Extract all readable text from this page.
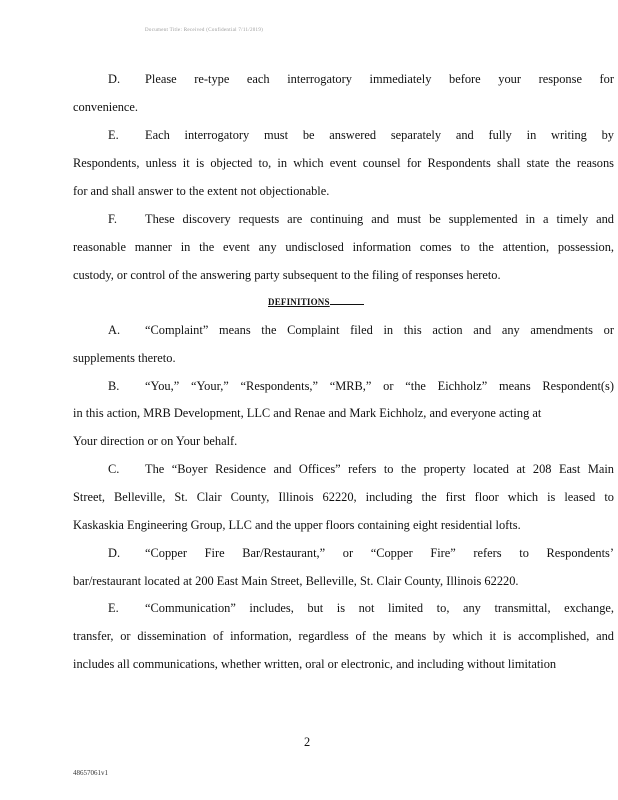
Document Title: Received (Confidential 7/11/2019)
D. Please re-type each interrogatory immediately before your response for
convenience.
E. Each interrogatory must be answered separately and fully in writing by
Respondents, unless it is objected to, in which event counsel for Respondents shall state the reasons
for and shall answer to the extent not objectionable.
F. These discovery requests are continuing and must be supplemented in a timely and
reasonable manner in the event any undisclosed information comes to the attention, possession,
custody, or control of the answering party subsequent to the filing of responses hereto.
DEFINITIONS
A. “Complaint” means the Complaint filed in this action and any amendments or
supplements thereto.
B. “You,” “Your,” “Respondents,” “MRB,” or “the Eichholz” means Respondent(s)
in this action, MRB Development, LLC and Renae and Mark Eichholz, and everyone acting at
Your direction or on Your behalf.
C. The “Boyer Residence and Offices” refers to the property located at 208 East Main
Street, Belleville, St. Clair County, Illinois 62220, including the first floor which is leased to
Kaskaskia Engineering Group, LLC and the upper floors containing eight residential lofts.
D. “Copper Fire Bar/Restaurant,” or “Copper Fire” refers to Respondents’
bar/restaurant located at 200 East Main Street, Belleville, St. Clair County, Illinois 62220.
E. “Communication” includes, but is not limited to, any transmittal, exchange,
transfer, or dissemination of information, regardless of the means by which it is accomplished, and
includes all communications, whether written, oral or electronic, and including without limitation
2
48657061v1
